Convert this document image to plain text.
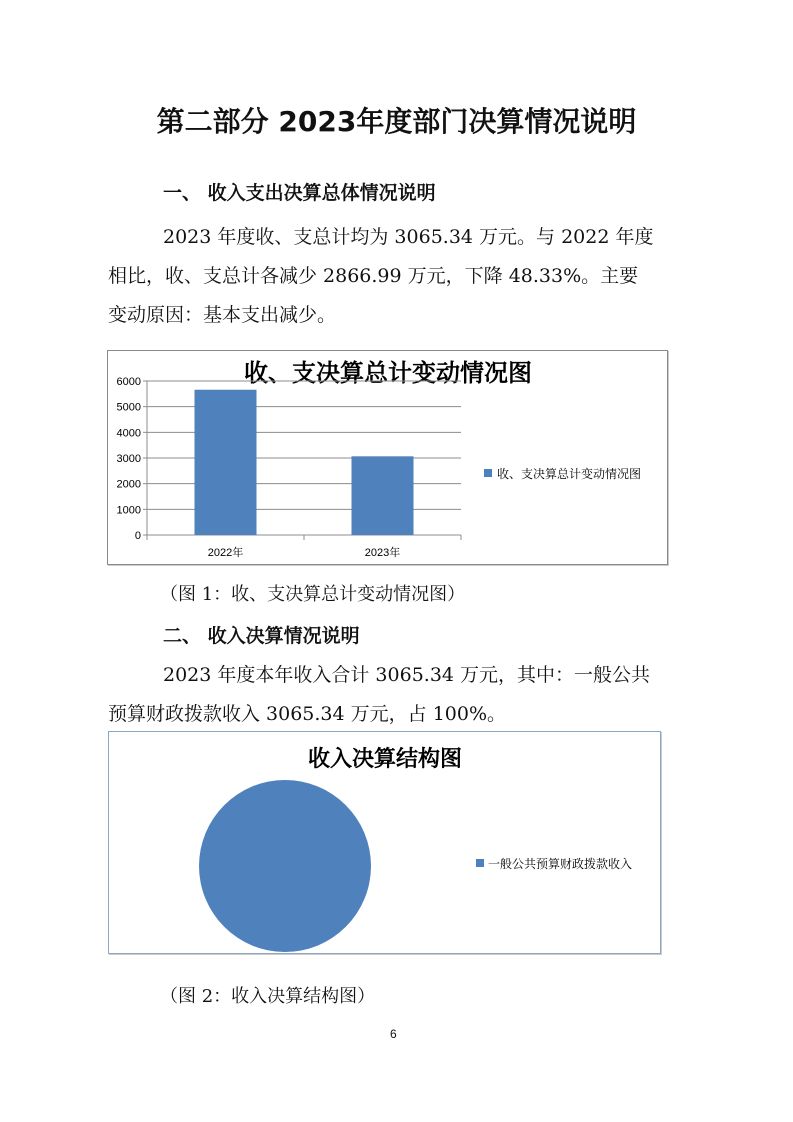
第二部分 2023年度部门决算情况说明
一、 收入支出决算总体情况说明
2023 年度收、支总计均为 3065.34 万元。与 2022 年度
相比，收、支总计各减少 2866.99 万元，下降 48.33%。主要
变动原因：基本支出减少。
收、支决算总计变动情况图
0
1000
2000
3000
4000
5000
6000
2022年	2023年
收、支决算总计变动情况图
（图 1：收、支决算总计变动情况图）
二、 收入决算情况说明
2023 年度本年收入合计 3065.34 万元，其中：一般公共
预算财政拨款收入 3065.34 万元，占 100%。
收入决算结构图
一般公共预算财政拨款收入
（图 2：收入决算结构图）
6
